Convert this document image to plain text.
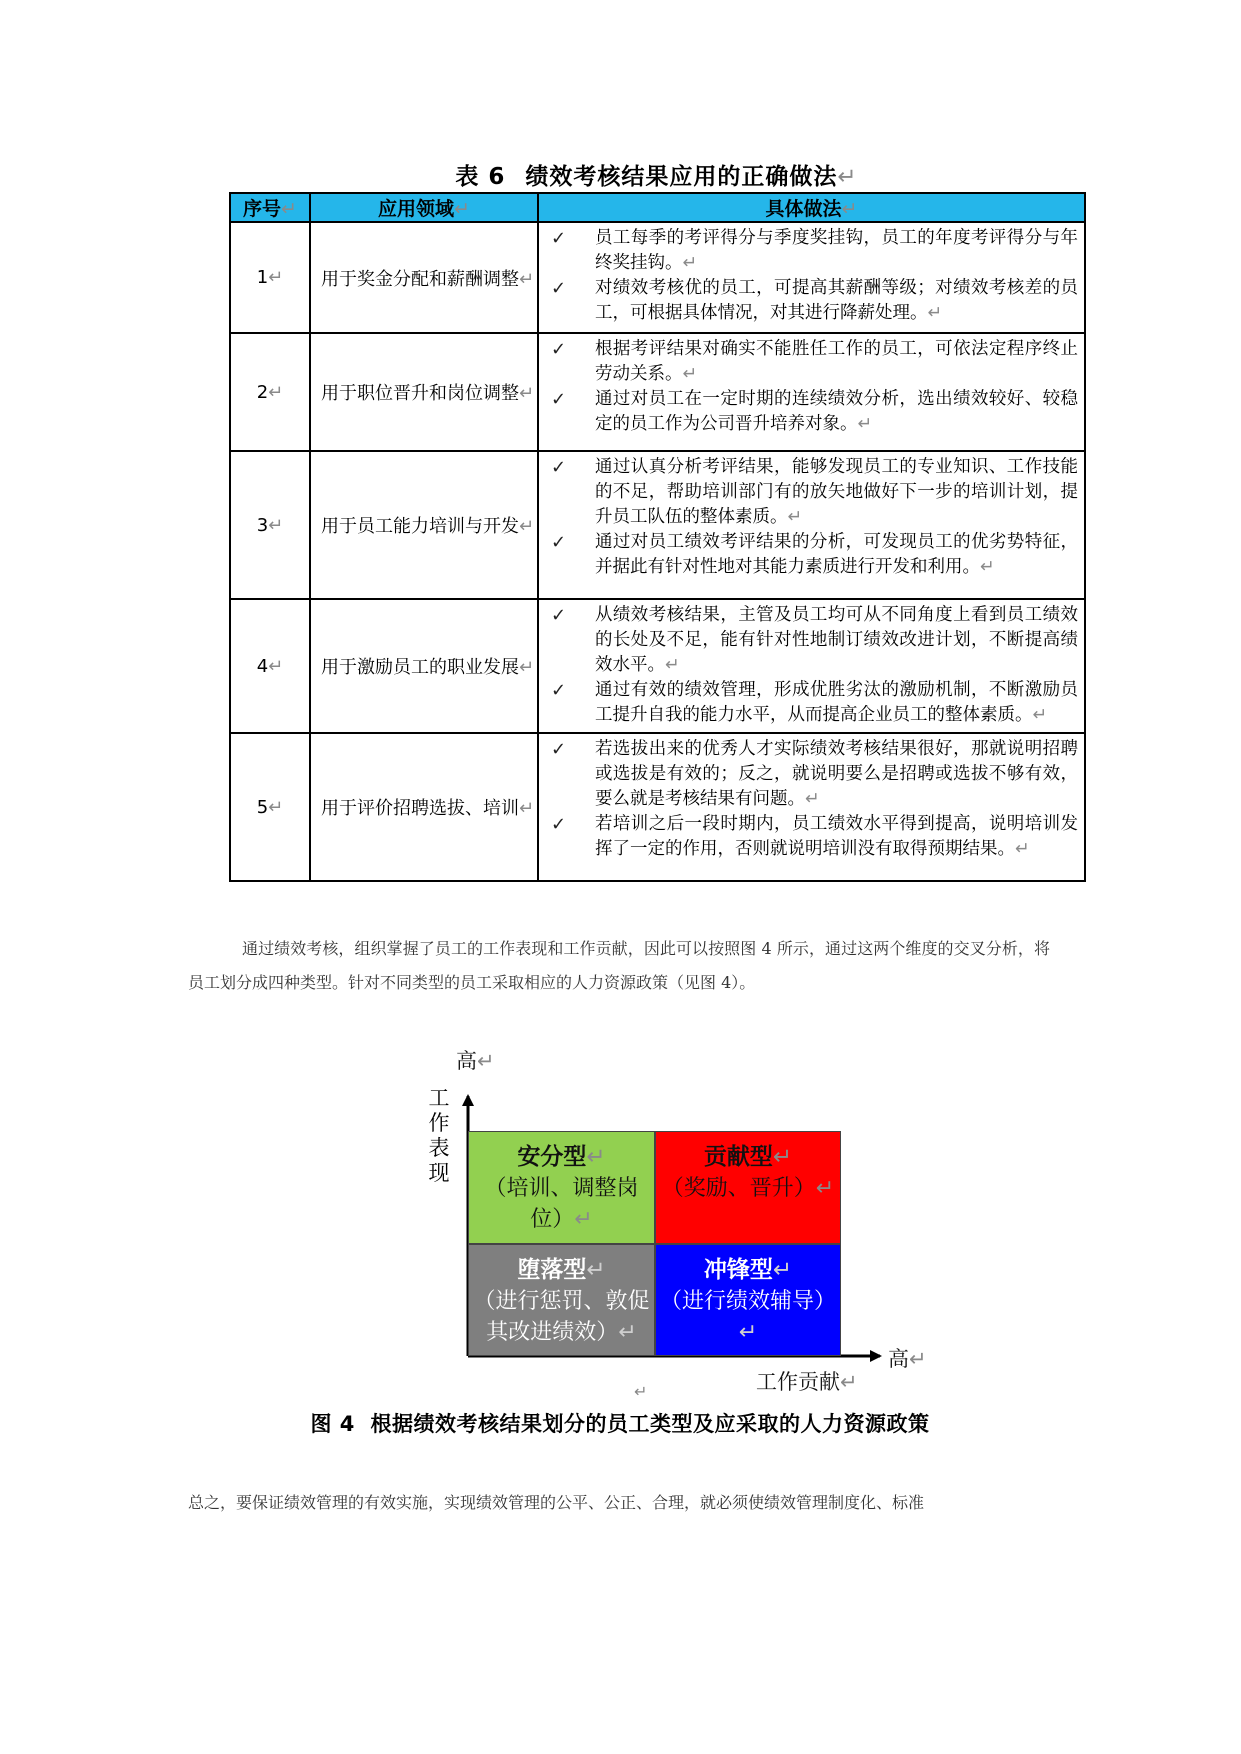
表 6 绩效考核结果应用的正确做法↵
序号↵	应用领域↵	具体做法↵
1↵	用于奖金分配和薪酬调整↵	✓ 员工每季的考评得分与季度奖挂钩，员工的年度考评得分与年终奖挂钩。↵
✓ 对绩效考核优的员工，可提高其薪酬等级；对绩效考核差的员工，可根据具体情况，对其进行降薪处理。↵

2↵	用于职位晋升和岗位调整↵	✓ 根据考评结果对确实不能胜任工作的员工，可依法定程序终止劳动关系。↵
✓ 通过对员工在一定时期的连续绩效分析，选出绩效较好、较稳定的员工作为公司晋升培养对象。↵

3↵	用于员工能力培训与开发↵	✓ 通过认真分析考评结果，能够发现员工的专业知识、工作技能的不足，帮助培训部门有的放矢地做好下一步的培训计划，提升员工队伍的整体素质。↵
✓ 通过对员工绩效考评结果的分析，可发现员工的优劣势特征，并据此有针对性地对其能力素质进行开发和利用。↵

4↵	用于激励员工的职业发展↵	✓ 从绩效考核结果，主管及员工均可从不同角度上看到员工绩效的长处及不足，能有针对性地制订绩效改进计划，不断提高绩效水平。↵
✓ 通过有效的绩效管理，形成优胜劣汰的激励机制，不断激励员工提升自我的能力水平，从而提高企业员工的整体素质。↵

5↵	用于评价招聘选拔、培训↵	✓ 若选拔出来的优秀人才实际绩效考核结果很好，那就说明招聘或选拔是有效的；反之，就说明要么是招聘或选拔不够有效，要么就是考核结果有问题。↵
✓ 若培训之后一段时期内，员工绩效水平得到提高，说明培训发挥了一定的作用，否则就说明培训没有取得预期结果。↵
通过绩效考核，组织掌握了员工的工作表现和工作贡献，因此可以按照图 4 所示，通过这两个维度的交叉分析，将员工划分成四种类型。针对不同类型的员工采取相应的人力资源政策（见图 4）。
高↵
工作表现
安分型↵
（培训、调整岗位）↵
贡献型↵
（奖励、晋升）↵
堕落型↵
（进行惩罚、敦促其改进绩效）↵
冲锋型↵
（进行绩效辅导）↵
高↵
工作贡献↵
↵
图 4 根据绩效考核结果划分的员工类型及应采取的人力资源政策
总之，要保证绩效管理的有效实施，实现绩效管理的公平、公正、合理，就必须使绩效管理制度化、标准
